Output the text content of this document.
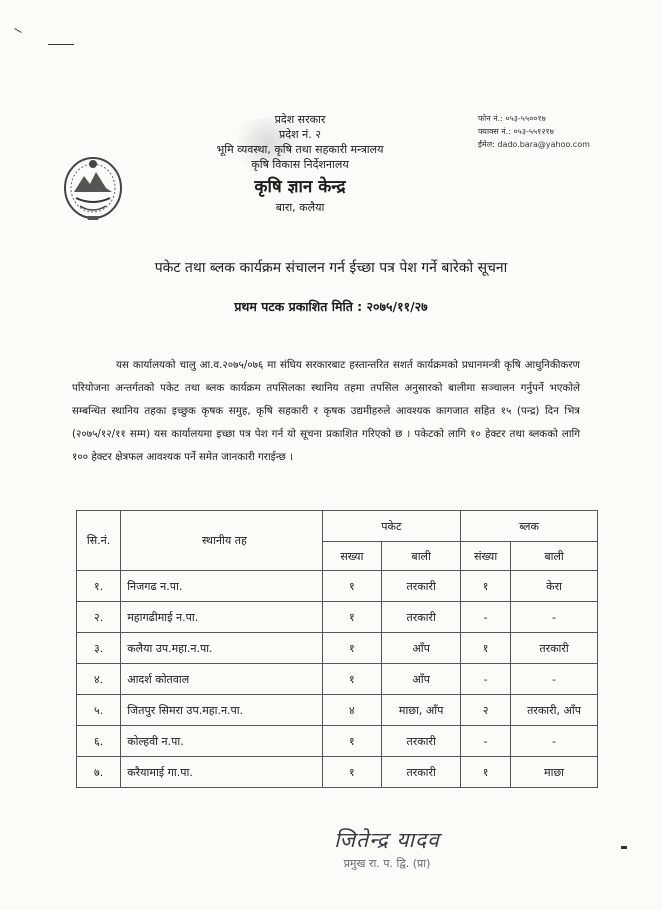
प्रदेश सरकार
प्रदेश नं. २
भूमि व्यवस्था, कृषि तथा सहकारी मन्त्रालय
कृषि विकास निर्देशनालय
कृषि ज्ञान केन्द्र
बारा, कलैया
फोन नं.: ०५३-५५००१७
फ्याक्स नं.: ०५३-५५१२१७
ईमेल: dado.bara@yahoo.com
पकेट तथा ब्लक कार्यक्रम संचालन गर्न ईच्छा पत्र पेश गर्ने बारेको सूचना
प्रथम पटक प्रकाशित मिति : २०७५/११/२७

यस कार्यालयको चालु आ.व.२०७५/०७६ मा संघिय सरकारबाट हस्तान्तरित सशर्त कार्यक्रमको प्रधानमन्त्री कृषि आधुनिकीकरण परियोजना अन्तर्गतको पकेट तथा ब्लक कार्यक्रम तपसिलका स्थानिय तहमा तपसिल अनुसारको बालीमा सञ्चालन गर्नुपर्ने भएकोले सम्बन्धित स्थानिय तहका इच्छुक कृषक समुह, कृषि सहकारी र कृषक उद्यमीहरुले आवश्यक कागजात सहित १५ (पन्द्र) दिन भित्र (२०७५/१२/११ सम्म) यस कार्यालयमा इच्छा पत्र पेश गर्न यो सूचना प्रकाशित गरिएको छ । पकेटको लागि १० हेक्टर तथा ब्लकको लागि १०० हेक्टर क्षेत्रफल आवश्यक पर्ने समेत जानकारी गराईन्छ ।

सि.नं.	स्थानीय तह	पकेट		ब्लक	
		सख्या	बाली	संख्या	बाली
१.	निजगढ न.पा.	१	तरकारी	१	केरा
२.	महागढीमाई न.पा.	१	तरकारी	-	-
३.	कलैया उप.महा.न.पा.	१	आँप	१	तरकारी
४.	आदर्श कोतवाल	१	आँप	-	-
५.	जितपुर सिमरा उप.महा.न.पा.	४	माछा, आँप	२	तरकारी, आँप
६.	कोल्हवी न.पा.	१	तरकारी	-	-
७.	करैयामाई गा.पा.	१	तरकारी	१	माछा
जितेन्द्र यादव
प्रमुख रा. प. द्वि. (प्रा)
